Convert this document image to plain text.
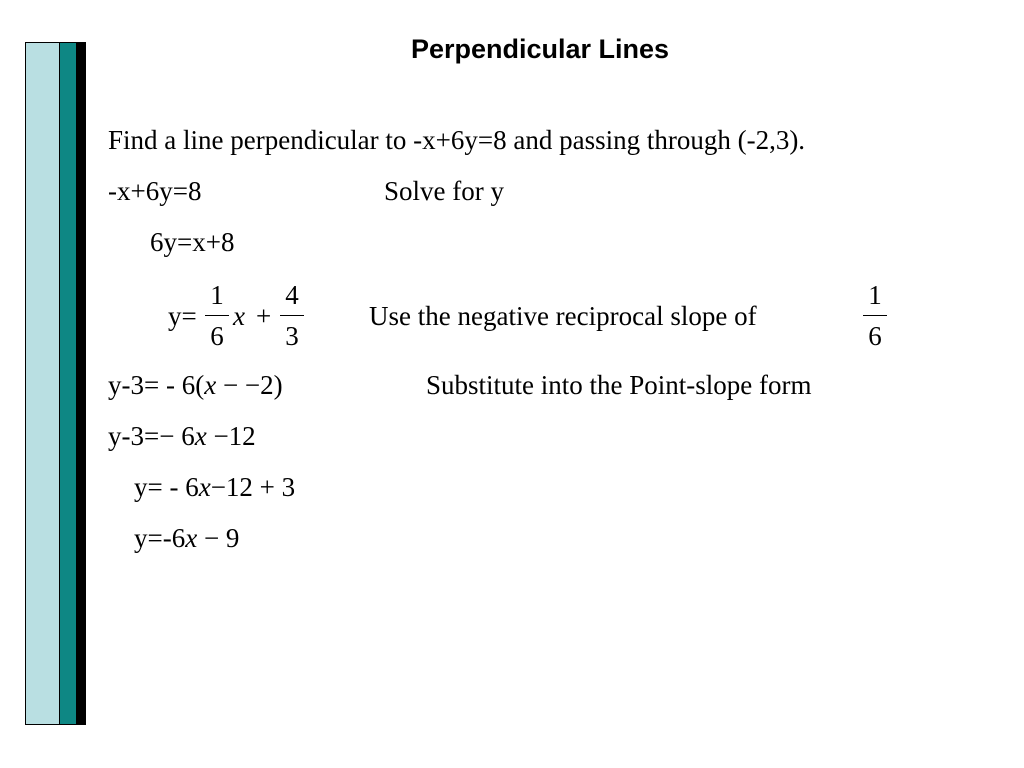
Perpendicular Lines
Find a line perpendicular to -x+6y=8 and passing through (-2,3).
-x+6y=8	Solve for y
6y=x+8
y=
1
6
x +
4
3
Use the negative reciprocal slope of
1
6
y-3= - 6(x − −2)	Substitute into the Point-slope form
y-3=− 6x −12
y= - 6x−12 + 3
y=-6x − 9
